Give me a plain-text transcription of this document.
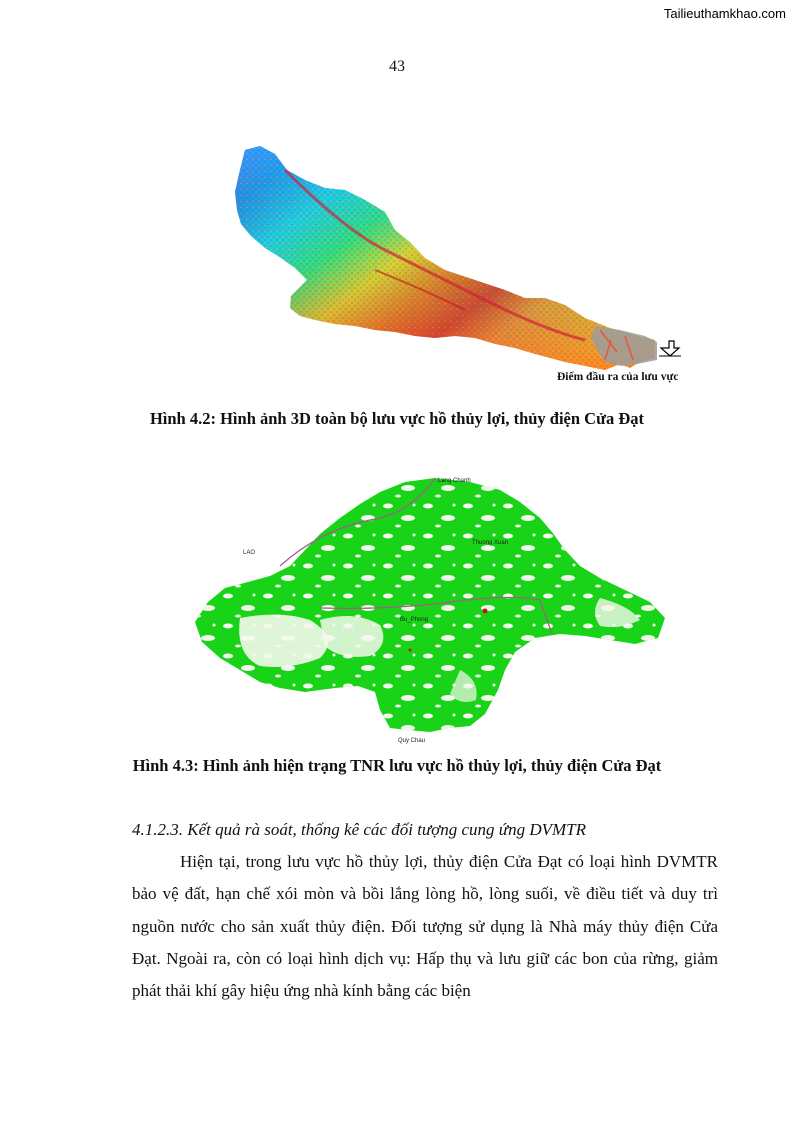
Tailieuthamkhao.com
43
Điểm đầu ra của lưu vực
Hình 4.2: Hình ảnh 3D toàn bộ lưu vực hồ thủy lợi, thủy điện Cửa Đạt
Lang Chanh
Thuong Xuan
LAO
Bu_Phong
Quy Chau
Hình 4.3: Hình ảnh hiện trạng TNR lưu vực hồ thủy lợi, thủy điện Cửa Đạt
4.1.2.3. Kết quả rà soát, thống kê các đối tượng cung ứng DVMTR

Hiện tại, trong lưu vực hồ thủy lợi, thủy điện Cửa Đạt có loại hình DVMTR bảo vệ đất, hạn chế xói mòn và bồi lắng lòng hồ, lòng suối, về điều tiết và duy trì nguồn nước cho sản xuất thủy điện. Đối tượng sử dụng là Nhà máy thủy điện Cửa Đạt. Ngoài ra, còn có loại hình dịch vụ: Hấp thụ và lưu giữ các bon của rừng, giảm phát thải khí gây hiệu ứng nhà kính bằng các biện
